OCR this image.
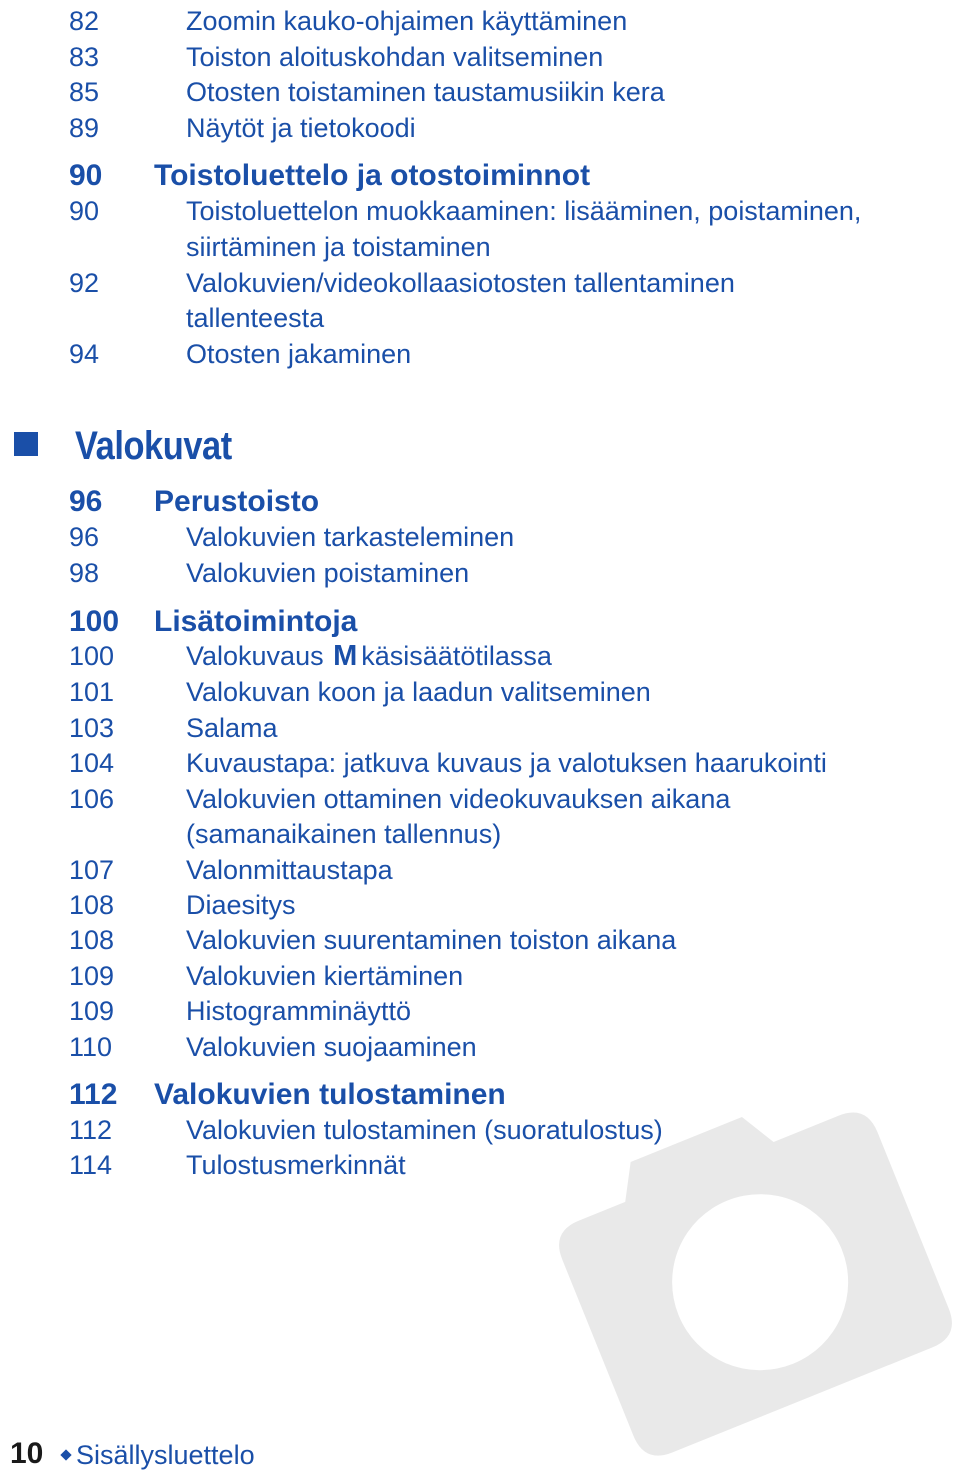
82	Zoomin kauko-ohjaimen käyttäminen
83	Toiston aloituskohdan valitseminen
85	Otosten toistaminen taustamusiikin kera
89	Näytöt ja tietokoodi
90 Toistoluettelo ja otostoiminnot
90	Toistoluettelon muokkaaminen: lisääminen, poistaminen,
siirtäminen ja toistaminen
92	Valokuvien/videokollaasiotosten tallentaminen
tallenteesta
94	Otosten jakaminen
Valokuvat
96 Perustoisto
96	Valokuvien tarkasteleminen
98	Valokuvien poistaminen
100 Lisätoimintoja
100	Valokuvaus M käsisäätötilassa
101	Valokuvan koon ja laadun valitseminen
103	Salama
104	Kuvaustapa: jatkuva kuvaus ja valotuksen haarukointi
106	Valokuvien ottaminen videokuvauksen aikana
(samanaikainen tallennus)
107	Valonmittaustapa
108	Diaesitys
108	Valokuvien suurentaminen toiston aikana
109	Valokuvien kiertäminen
109	Histogramminäyttö
110	Valokuvien suojaaminen
112 Valokuvien tulostaminen
112	Valokuvien tulostaminen (suoratulostus)
114	Tulostusmerkinnät
10 Sisällysluettelo
